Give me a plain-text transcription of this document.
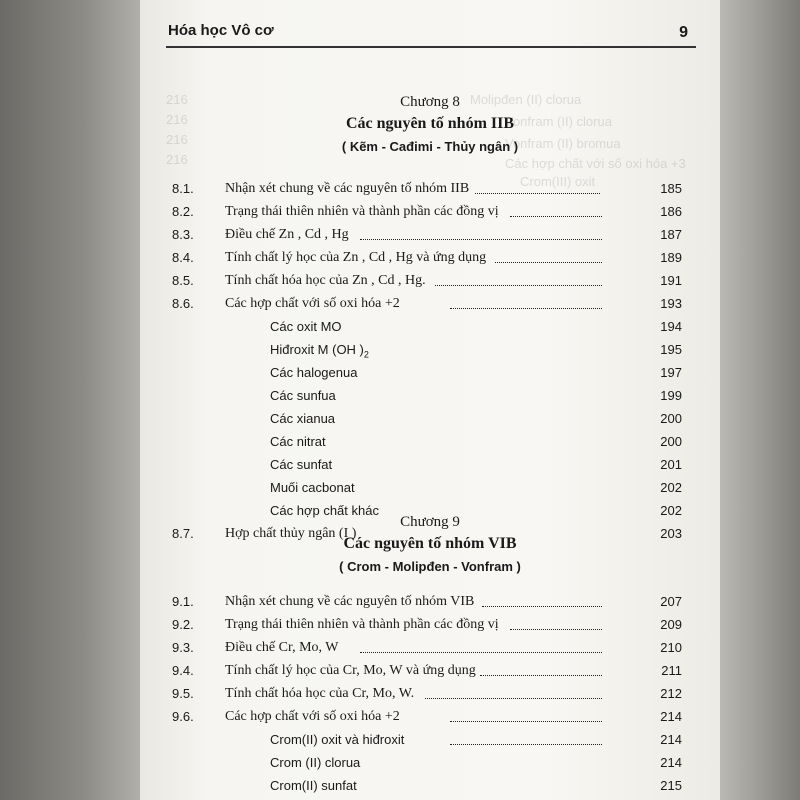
Molipđen (II) clorua
Vonfram (II) clorua
Vonfram (II) bromua
Các hợp chất với số oxi hóa +3
Crom(III) oxit
216
216
216
216
Hóa học Vô cơ	9
Chương 8
Các nguyên tố nhóm IIB
( Kẽm - Cađimi - Thủy ngân )
8.1. Nhận xét chung về các nguyên tố nhóm IIB	185
8.2. Trạng thái thiên nhiên và thành phần các đồng vị	186
8.3. Điều chế Zn , Cd , Hg	187
8.4. Tính chất lý học của Zn , Cd , Hg và ứng dụng	189
8.5. Tính chất hóa học của Zn , Cd , Hg.	191
8.6. Các hợp chất với số oxi hóa +2	193
Các oxit MO	194
Hiđroxit M (OH )$_2$	195
Các halogenua	197
Các sunfua	199
Các xianua	200
Các nitrat	200
Các sunfat	201
Muối cacbonat	202
Các hợp chất khác	202
8.7. Hợp chất thủy ngân (I )	203
Chương 9
Các nguyên tố nhóm VIB
( Crom - Molipđen - Vonfram )
9.1. Nhận xét chung về các nguyên tố nhóm VIB	207
9.2. Trạng thái thiên nhiên và thành phần các đồng vị	209
9.3. Điều chế Cr, Mo, W	210
9.4. Tính chất lý học của Cr, Mo, W và ứng dụng	211
9.5. Tính chất hóa học của Cr, Mo, W.	212
9.6. Các hợp chất với số oxi hóa +2	214
Crom(II) oxit và hiđroxit	214
Crom (II) clorua	214
Crom(II) sunfat	215
